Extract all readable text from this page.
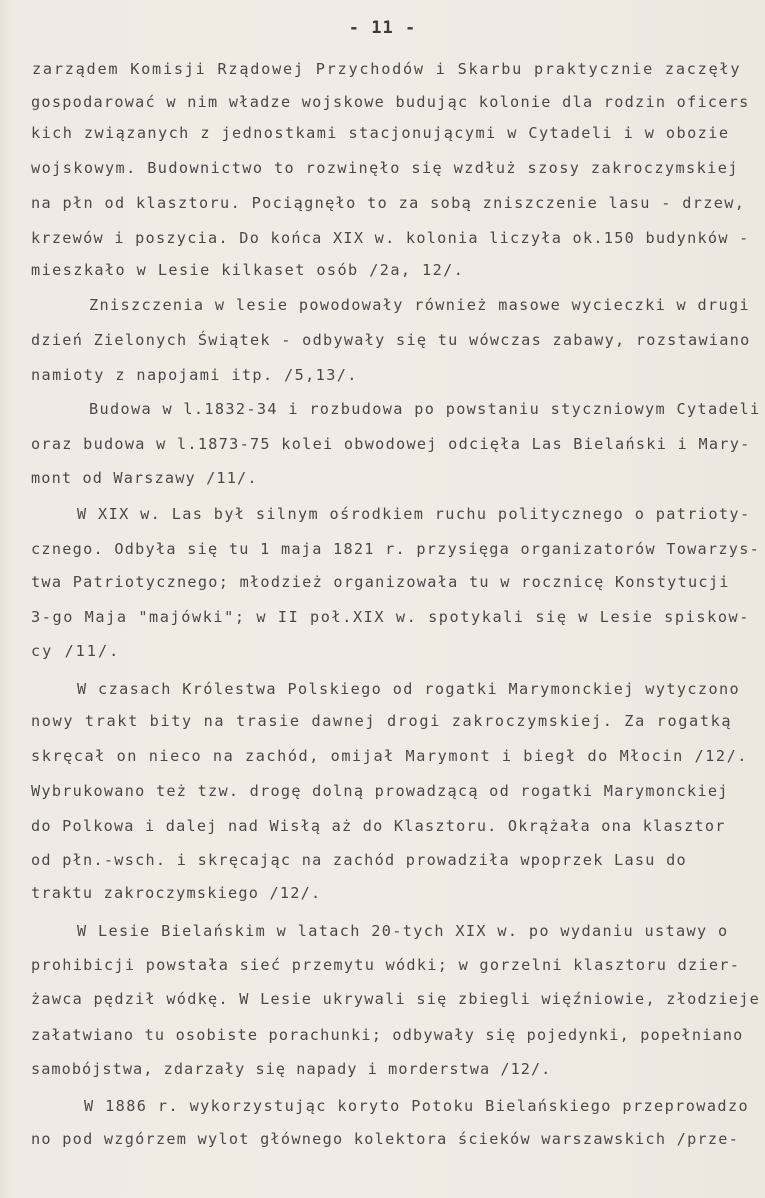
- 11 -
zarządem Komisji Rządowej Przychodów i Skarbu praktycznie zaczęły
gospodarować w nim władze wojskowe budując kolonie dla rodzin oficers
kich związanych z jednostkami stacjonującymi w Cytadeli i w obozie
wojskowym. Budownictwo to rozwinęło się wzdłuż szosy zakroczymskiej
na płn od klasztoru. Pociągnęło to za sobą zniszczenie lasu - drzew,
krzewów i poszycia. Do końca XIX w. kolonia liczyła ok.150 budynków -
mieszkało w Lesie kilkaset osób /2a, 12/.
Zniszczenia w lesie powodowały również masowe wycieczki w drugi
dzień Zielonych Świątek - odbywały się tu wówczas zabawy, rozstawiano
namioty z napojami itp. /5,13/.
Budowa w l.1832-34 i rozbudowa po powstaniu styczniowym Cytadeli
oraz budowa w l.1873-75 kolei obwodowej odcięła Las Bielański i Mary-
mont od Warszawy /11/.
W XIX w. Las był silnym ośrodkiem ruchu politycznego o patrioty-
cznego. Odbyła się tu 1 maja 1821 r. przysięga organizatorów Towarzys-
twa Patriotycznego; młodzież organizowała tu w rocznicę Konstytucji
3-go Maja "majówki"; w II poł.XIX w. spotykali się w Lesie spiskow-
cy /11/.
W czasach Królestwa Polskiego od rogatki Marymonckiej wytyczono
nowy trakt bity na trasie dawnej drogi zakroczymskiej. Za rogatką
skręcał on nieco na zachód, omijał Marymont i biegł do Młocin /12/.
Wybrukowano też tzw. drogę dolną prowadzącą od rogatki Marymonckiej
do Polkowa i dalej nad Wisłą aż do Klasztoru. Okrążała ona klasztor
od płn.-wsch. i skręcając na zachód prowadziła wpoprzek Lasu do
traktu zakroczymskiego /12/.
W Lesie Bielańskim w latach 20-tych XIX w. po wydaniu ustawy o
prohibicji powstała sieć przemytu wódki; w gorzelni klasztoru dzier-
żawca pędził wódkę. W Lesie ukrywali się zbiegli więźniowie, złodzieje
załatwiano tu osobiste porachunki; odbywały się pojedynki, popełniano
samobójstwa, zdarzały się napady i morderstwa /12/.
W 1886 r. wykorzystując koryto Potoku Bielańskiego przeprowadzo
no pod wzgórzem wylot głównego kolektora ścieków warszawskich /prze-
